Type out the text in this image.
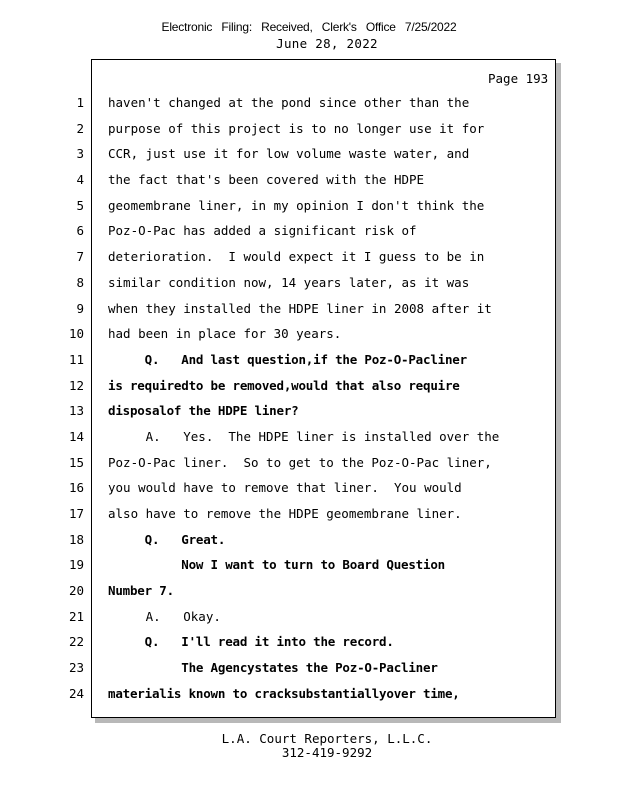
Electronic Filing: Received, Clerk's Office 7/25/2022
June 28, 2022
Page 193
1
2
3
4
5
6
7
8
9
10
11
12
13
14
15
16
17
18
19
20
21
22
23
24
haven't changed at the pond since other than the
purpose of this project is to no longer use it for
CCR, just use it for low volume waste water, and
the fact that's been covered with the HDPE
geomembrane liner, in my opinion I don't think the
Poz-O-Pac has added a significant risk of
deterioration.  I would expect it I guess to be in
similar condition now, 14 years later, as it was
when they installed the HDPE liner in 2008 after it
had been in place for 30 years.
Q.   And last question,if the Poz-O-Pacliner
is requiredto be removed,would that also require
disposalof the HDPE liner?
A.   Yes.  The HDPE liner is installed over the
Poz-O-Pac liner.  So to get to the Poz-O-Pac liner,
you would have to remove that liner.  You would
also have to remove the HDPE geomembrane liner.
Q.   Great.
Now I want to turn to Board Question
Number 7.
A.   Okay.
Q.   I'll read it into the record.
The Agencystates the Poz-O-Pacliner
materialis known to cracksubstantiallyover time,
L.A. Court Reporters, L.L.C.
312-419-9292
